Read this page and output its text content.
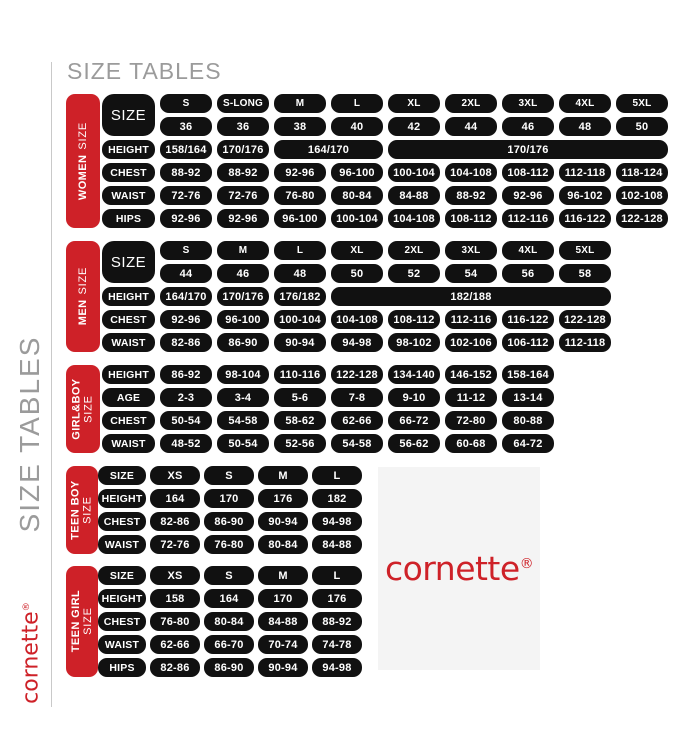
SIZE TABLES
cornette®
SIZE TABLES
WOMEN
SIZE
SIZE
S	S-LONG	M	L	XL	2XL	3XL	4XL	5XL
36	36	38	40	42	44	46	48	50
HEIGHT	158/164	170/176	164/170	170/176
CHEST	88-92	88-92	92-96	96-100	100-104	104-108	108-112	112-118	118-124
WAIST	72-76	72-76	76-80	80-84	84-88	88-92	92-96	96-102	102-108
HIPS	92-96	92-96	96-100	100-104	104-108	108-112	112-116	116-122	122-128
MEN
SIZE
SIZE
S	M	L	XL	2XL	3XL	4XL	5XL
44	46	48	50	52	54	56	58
HEIGHT	164/170	170/176	176/182	182/188
CHEST	92-96	96-100	100-104	104-108	108-112	112-116	116-122	122-128
WAIST	82-86	86-90	90-94	94-98	98-102	102-106	106-112	112-118
GIRL&BOY SIZE
HEIGHT	86-92	98-104	110-116	122-128	134-140	146-152	158-164
AGE	2-3	3-4	5-6	7-8	9-10	11-12	13-14
CHEST	50-54	54-58	58-62	62-66	66-72	72-80	80-88
WAIST	48-52	50-54	52-56	54-58	56-62	60-68	64-72
TEEN BOY SIZE
SIZE	XS	S	M	L
HEIGHT	164	170	176	182
CHEST	82-86	86-90	90-94	94-98
WAIST	72-76	76-80	80-84	84-88
TEEN GIRL SIZE
SIZE	XS	S	M	L
HEIGHT	158	164	170	176
CHEST	76-80	80-84	84-88	88-92
WAIST	62-66	66-70	70-74	74-78
HIPS	82-86	86-90	90-94	94-98
cornette®
